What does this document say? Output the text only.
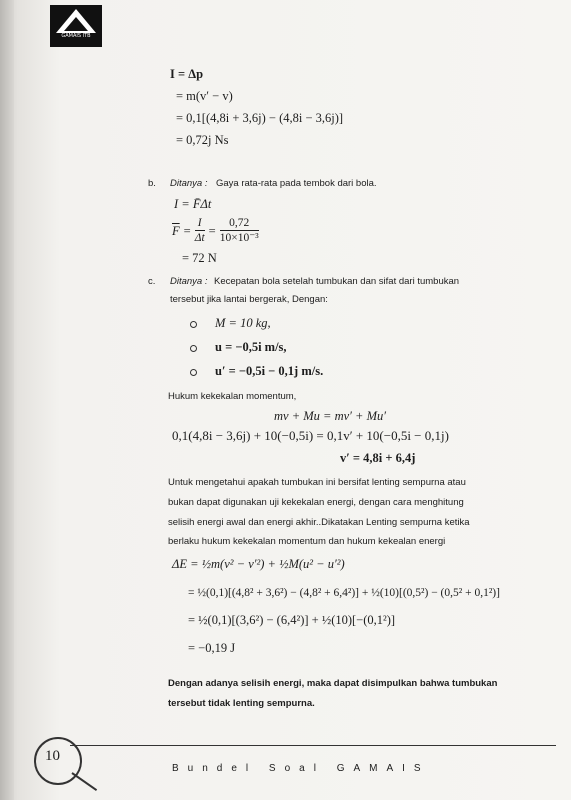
GAMAIS ITB
I = Δp
= m(v′ − v)
= 0,1[(4,8i + 3,6j) − (4,8i − 3,6j)]
= 0,72j Ns
b. Ditanya : Gaya rata-rata pada tembok dari bola.
I = F̄Δt
$\overline{F} = \frac{I}{\Delta t} = \frac{0,72}{\text{10×10⁻³}}$
= 72 N
c. Ditanya : Kecepatan bola setelah tumbukan dan sifat dari tumbukan
tersebut jika lantai bergerak, Dengan:
M = 10 kg,
u = −0,5i m/s,
u′ = −0,5i − 0,1j m/s.
Hukum kekekalan momentum,
mv + Mu = mv′ + Mu′
0,1(4,8i − 3,6j) + 10(−0,5i) = 0,1v′ + 10(−0,5i − 0,1j)
v′ = 4,8i + 6,4j
Untuk mengetahui apakah tumbukan ini bersifat lenting sempurna atau
bukan dapat digunakan uji kekekalan energi, dengan cara menghitung
selisih energi awal dan energi akhir..Dikatakan Lenting sempurna ketika
berlaku hukum kekekalan momentum dan hukum kekealan energi
ΔE = ½m(v² − v′²) + ½M(u² − u′²)
= ½(0,1)[(4,8² + 3,6²) − (4,8² + 6,4²)] + ½(10)[(0,5²) − (0,5² + 0,1²)]
= ½(0,1)[(3,6²) − (6,4²)] + ½(10)[−(0,1²)]
= −0,19 J
Dengan adanya selisih energi, maka dapat disimpulkan bahwa tumbukan
tersebut tidak lenting sempurna.
10
Bundel Soal GAMAIS
